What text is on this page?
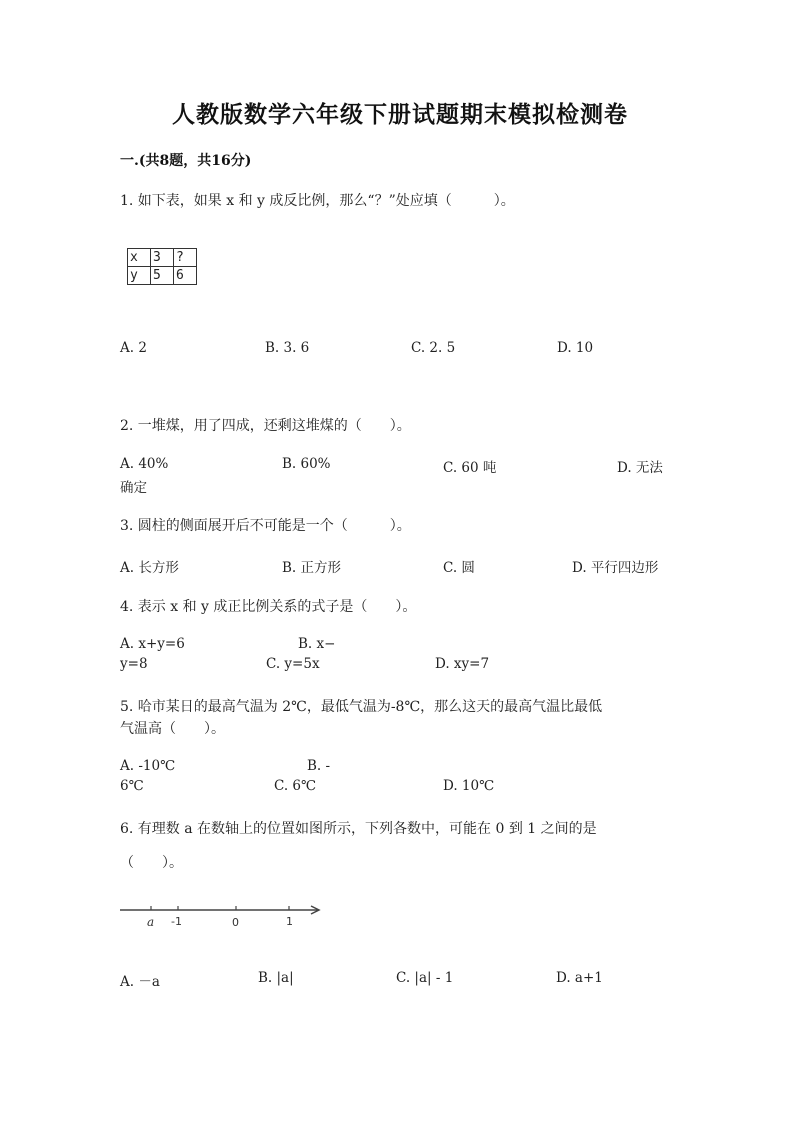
人教版数学六年级下册试题期末模拟检测卷
一.(共8题，共16分)
1. 如下表，如果 x 和 y 成反比例，那么“？”处应填（　　　）。
x	3	?
y	5	6
A. 2	B. 3. 6	C. 2. 5	D. 10
2. 一堆煤，用了四成，还剩这堆煤的（　　）。
A. 40%	B. 60%	C. 60 吨	D. 无法
确定
3. 圆柱的侧面展开后不可能是一个（　　　）。
A. 长方形	B. 正方形	C. 圆	D. 平行四边形
4. 表示 x 和 y 成正比例关系的式子是（　　）。
A. x+y=6	B. x−
y=8	C. y=5x	D. xy=7
5. 哈市某日的最高气温为 2℃，最低气温为-8℃，那么这天的最高气温比最低
气温高（　　）。
A. -10℃	B. -
6℃	C. 6℃	D. 10℃
6. 有理数 a 在数轴上的位置如图所示，下列各数中，可能在 0 到 1 之间的是
（　　）。
a -1	0	1
A. －a	B. |a|	C. |a| - 1	D. a+1
